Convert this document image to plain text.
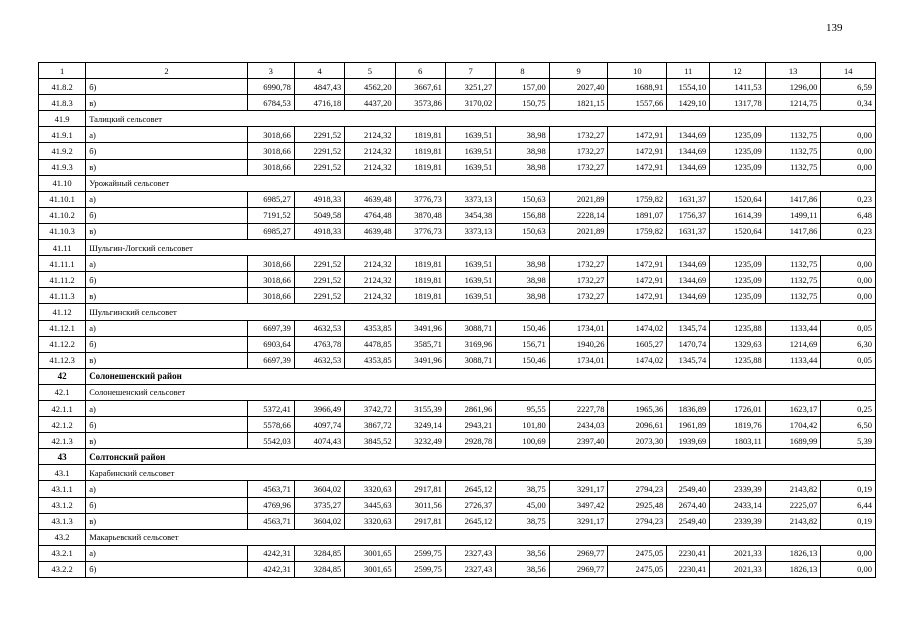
139
1	2	3	4	5	6	7	8	9	10	11	12	13	14
41.8.2	б)	6990,78	4847,43	4562,20	3667,61	3251,27	157,00	2027,40	1688,91	1554,10	1411,53	1296,00	6,59
41.8.3	в)	6784,53	4716,18	4437,20	3573,86	3170,02	150,75	1821,15	1557,66	1429,10	1317,78	1214,75	0,34
41.9	Талицкий сельсовет												
41.9.1	а)	3018,66	2291,52	2124,32	1819,81	1639,51	38,98	1732,27	1472,91	1344,69	1235,09	1132,75	0,00
41.9.2	б)	3018,66	2291,52	2124,32	1819,81	1639,51	38,98	1732,27	1472,91	1344,69	1235,09	1132,75	0,00
41.9.3	в)	3018,66	2291,52	2124,32	1819,81	1639,51	38,98	1732,27	1472,91	1344,69	1235,09	1132,75	0,00
41.10	Урожайный сельсовет												
41.10.1	а)	6985,27	4918,33	4639,48	3776,73	3373,13	150,63	2021,89	1759,82	1631,37	1520,64	1417,86	0,23
41.10.2	б)	7191,52	5049,58	4764,48	3870,48	3454,38	156,88	2228,14	1891,07	1756,37	1614,39	1499,11	6,48
41.10.3	в)	6985,27	4918,33	4639,48	3776,73	3373,13	150,63	2021,89	1759,82	1631,37	1520,64	1417,86	0,23
41.11	Шульгин-Логский сельсовет												
41.11.1	а)	3018,66	2291,52	2124,32	1819,81	1639,51	38,98	1732,27	1472,91	1344,69	1235,09	1132,75	0,00
41.11.2	б)	3018,66	2291,52	2124,32	1819,81	1639,51	38,98	1732,27	1472,91	1344,69	1235,09	1132,75	0,00
41.11.3	в)	3018,66	2291,52	2124,32	1819,81	1639,51	38,98	1732,27	1472,91	1344,69	1235,09	1132,75	0,00
41.12	Шульгинский сельсовет												
41.12.1	а)	6697,39	4632,53	4353,85	3491,96	3088,71	150,46	1734,01	1474,02	1345,74	1235,88	1133,44	0,05
41.12.2	б)	6903,64	4763,78	4478,85	3585,71	3169,96	156,71	1940,26	1605,27	1470,74	1329,63	1214,69	6,30
41.12.3	в)	6697,39	4632,53	4353,85	3491,96	3088,71	150,46	1734,01	1474,02	1345,74	1235,88	1133,44	0,05
42	Солонешенский район												
42.1	Солонешенский сельсовет												
42.1.1	а)	5372,41	3966,49	3742,72	3155,39	2861,96	95,55	2227,78	1965,36	1836,89	1726,01	1623,17	0,25
42.1.2	б)	5578,66	4097,74	3867,72	3249,14	2943,21	101,80	2434,03	2096,61	1961,89	1819,76	1704,42	6,50
42.1.3	в)	5542,03	4074,43	3845,52	3232,49	2928,78	100,69	2397,40	2073,30	1939,69	1803,11	1689,99	5,39
43	Солтонский район												
43.1	Карабинский сельсовет												
43.1.1	а)	4563,71	3604,02	3320,63	2917,81	2645,12	38,75	3291,17	2794,23	2549,40	2339,39	2143,82	0,19
43.1.2	б)	4769,96	3735,27	3445,63	3011,56	2726,37	45,00	3497,42	2925,48	2674,40	2433,14	2225,07	6,44
43.1.3	в)	4563,71	3604,02	3320,63	2917,81	2645,12	38,75	3291,17	2794,23	2549,40	2339,39	2143,82	0,19
43.2	Макарьевский сельсовет												
43.2.1	а)	4242,31	3284,85	3001,65	2599,75	2327,43	38,56	2969,77	2475,05	2230,41	2021,33	1826,13	0,00
43.2.2	б)	4242,31	3284,85	3001,65	2599,75	2327,43	38,56	2969,77	2475,05	2230,41	2021,33	1826,13	0,00
